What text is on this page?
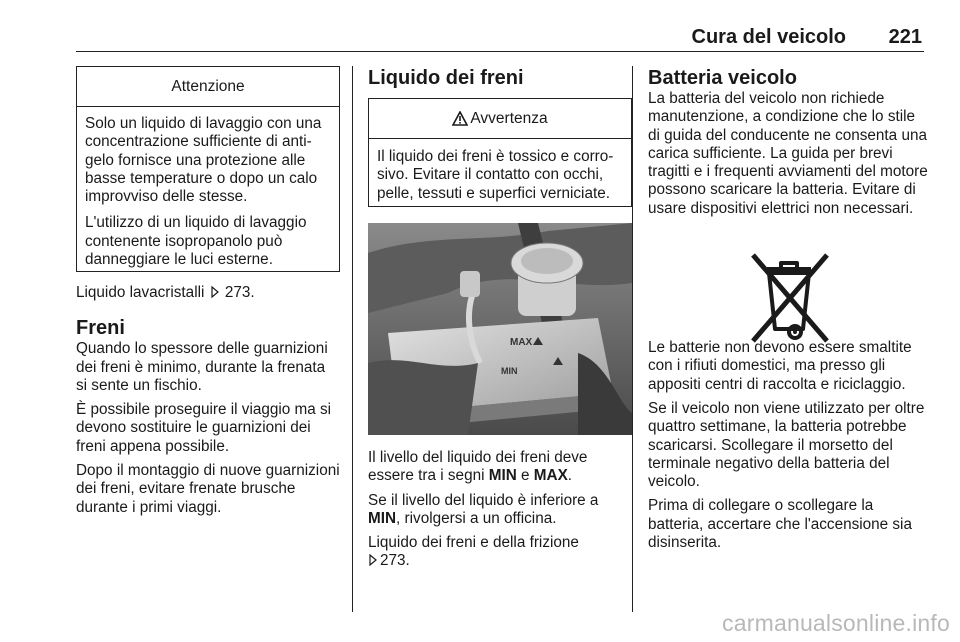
Cura del veicolo 221
Attenzione

Solo un liquido di lavaggio con una concentrazione sufficiente di antigelo fornisce una protezione alle basse temperature o dopo un calo improvviso delle stesse.

L'utilizzo di un liquido di lavaggio contenente isopropanolo può danneggiare le luci esterne.

Liquido lavacristalli 273.

Freni

Quando lo spessore delle guarnizioni dei freni è minimo, durante la frenata si sente un fischio.

È possibile proseguire il viaggio ma si devono sostituire le guarnizioni dei freni appena possibile.

Dopo il montaggio di nuove guarnizioni dei freni, evitare frenate brusche durante i primi viaggi.

Liquido dei freni
Avvertenza

Il liquido dei freni è tossico e corrosivo. Evitare il contatto con occhi, pelle, tessuti e superfici verniciate.

MAX
MIN

Il livello del liquido dei freni deve essere tra i segni MIN e MAX.

Se il livello del liquido è inferiore a MIN, rivolgersi a un officina.

Liquido dei freni e della frizione
273.

Batteria veicolo

La batteria del veicolo non richiede manutenzione, a condizione che lo stile di guida del conducente ne consenta una carica sufficiente. La guida per brevi tragitti e i frequenti avviamenti del motore possono scaricare la batteria. Evitare di usare dispositivi elettrici non necessari.

Le batterie non devono essere smaltite con i rifiuti domestici, ma presso gli appositi centri di raccolta e riciclaggio.

Se il veicolo non viene utilizzato per oltre quattro settimane, la batteria potrebbe scaricarsi. Scollegare il morsetto del terminale negativo della batteria del veicolo.

Prima di collegare o scollegare la batteria, accertare che l'accensione sia disinserita.

carmanualsonline.info
